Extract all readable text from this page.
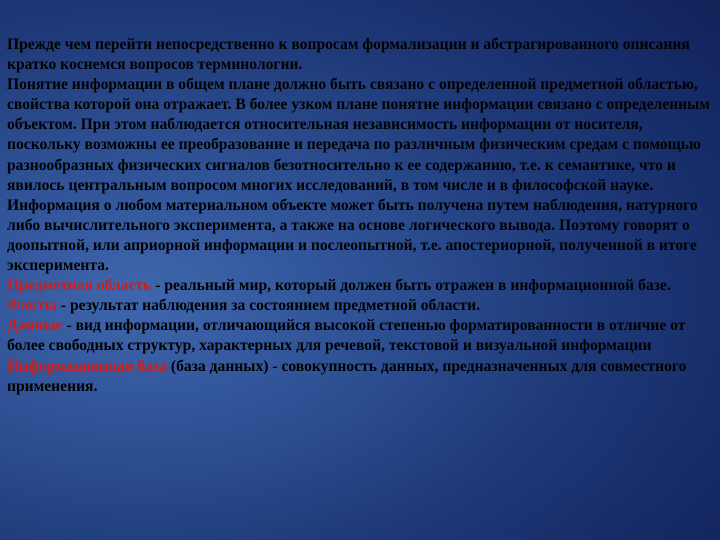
Прежде чем перейти непосредственно к вопросам формализации и абстрагированного описания кратко коснемся вопросов терминологии.

Понятие информации в общем плане должно быть связано с определенной предметной областью, свойства которой она отражает. В более узком плане понятие информации связано с определенным объектом. При этом наблюдается относительная независимость информации от носителя, поскольку возможны ее преобразование и передача по различным физическим средам с помощью разнообразных физических сигналов безотносительно к ее содержанию, т.е. к семантике, что и явилось центральным вопросом многих исследований, в том числе и в философской науке. Информация о любом материальном объекте может быть получена путем наблюдения, натурного либо вычислительного эксперимента, а также на основе логического вывода. Поэтому говорят о доопытной, или априорной информации и послеопытной, т.е. апостериорной, полученной в итоге эксперимента.

Предметная область - реальный мир, который должен быть отражен в информационной базе.

Факты - результат наблюдения за состоянием предметной области.

Данные - вид информации, отличающийся высокой степенью форматированности в отличие от более свободных структур, характерных для речевой, текстовой и визуальной информации

Информационная база (база данных) - совокупность данных, предназначенных для совместного применения.
